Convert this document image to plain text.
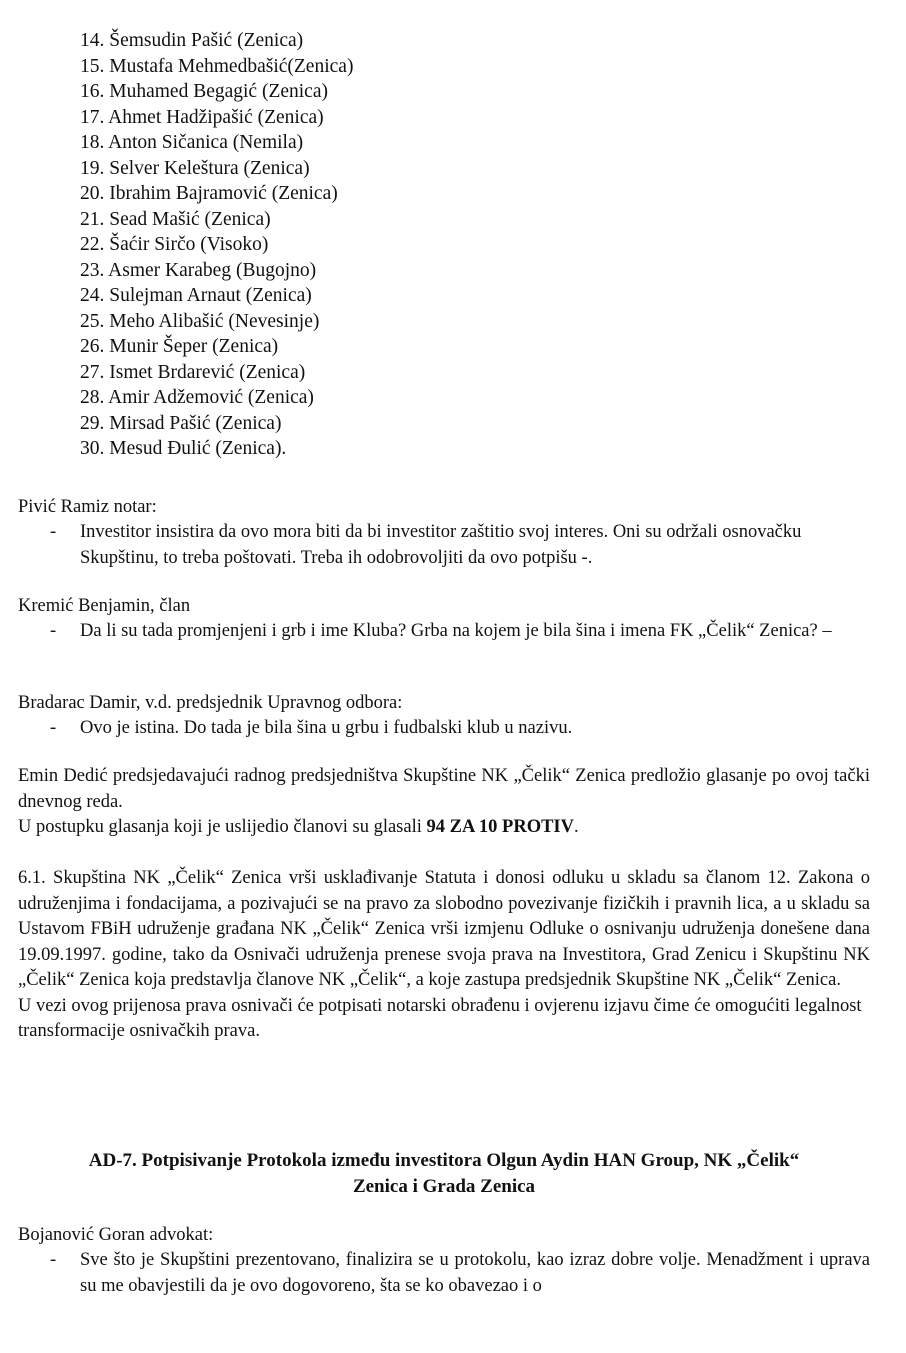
14. Šemsudin Pašić (Zenica)
15. Mustafa Mehmedbašić(Zenica)
16. Muhamed Begagić (Zenica)
17. Ahmet Hadžipašić (Zenica)
18. Anton Sičanica (Nemila)
19. Selver Keleštura (Zenica)
20. Ibrahim Bajramović (Zenica)
21. Sead Mašić (Zenica)
22. Šaćir Sirčo (Visoko)
23. Asmer Karabeg (Bugojno)
24. Sulejman Arnaut (Zenica)
25. Meho Alibašić (Nevesinje)
26. Munir Šeper (Zenica)
27. Ismet Brdarević (Zenica)
28. Amir Adžemović (Zenica)
29. Mirsad Pašić (Zenica)
30. Mesud Đulić (Zenica).
Pivić Ramiz notar:
- Investitor insistira da ovo mora biti da bi investitor zaštitio svoj interes. Oni su održali osnovačku Skupštinu, to treba poštovati. Treba ih odobrovoljiti da ovo potpišu -.
Kremić Benjamin, član
- Da li su tada promjenjeni i grb i ime Kluba? Grba na kojem je bila šina i imena FK „Čelik“ Zenica? –
Bradarac Damir, v.d. predsjednik Upravnog odbora:
- Ovo je istina. Do tada je bila šina u grbu i fudbalski klub u nazivu.
Emin Dedić predsjedavajući radnog predsjedništva Skupštine NK „Čelik“ Zenica predložio glasanje po ovoj tački dnevnog reda.
U postupku glasanja koji je uslijedio članovi su glasali 94 ZA 10 PROTIV.
6.1. Skupština NK „Čelik“ Zenica vrši usklađivanje Statuta i donosi odluku u skladu sa članom 12. Zakona o udruženjima i fondacijama, a pozivajući se na pravo za slobodno povezivanje fizičkih i pravnih lica, a u skladu sa Ustavom FBiH udruženje građana NK „Čelik“ Zenica vrši izmjenu Odluke o osnivanju udruženja donešene dana 19.09.1997. godine, tako da Osnivači udruženja prenese svoja prava na Investitora, Grad Zenicu i Skupštinu NK „Čelik“ Zenica koja predstavlja članove NK „Čelik“, a koje zastupa predsjednik Skupštine NK „Čelik“ Zenica.
U vezi ovog prijenosa prava osnivači će potpisati notarski obrađenu i ovjerenu izjavu čime će omogućiti legalnost transformacije osnivačkih prava.
AD-7. Potpisivanje Protokola između investitora Olgun Aydin HAN Group, NK „Čelik“
Zenica i Grada Zenica
Bojanović Goran advokat:
- Sve što je Skupštini prezentovano, finalizira se u protokolu, kao izraz dobre volje. Menadžment i uprava su me obavjestili da je ovo dogovoreno, šta se ko obavezao i o
